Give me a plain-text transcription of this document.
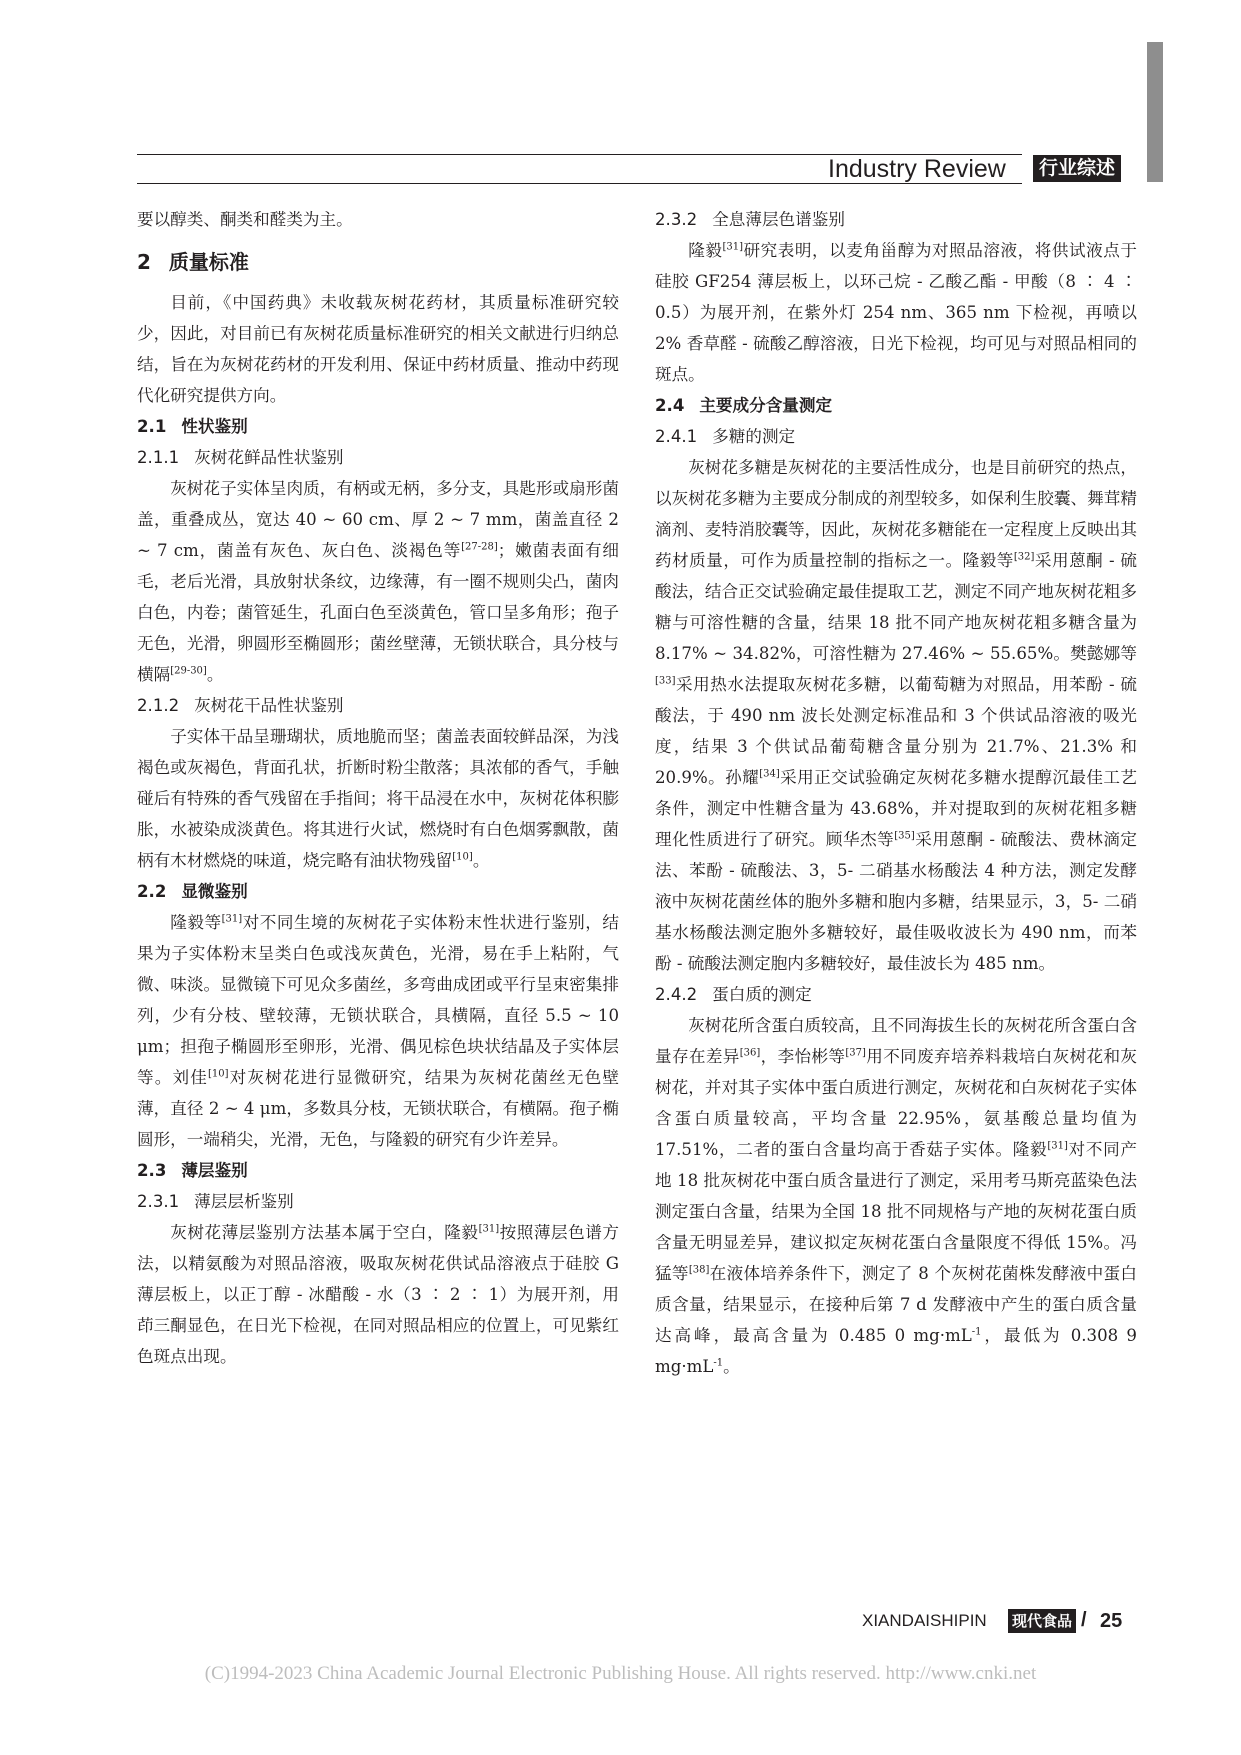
Industry Review	行业综述

要以醇类、酮类和醛类为主。

2 质量标准

目前，《中国药典》未收载灰树花药材，其质量标准研究较少，因此，对目前已有灰树花质量标准研究的相关文献进行归纳总结，旨在为灰树花药材的开发利用、保证中药材质量、推动中药现代化研究提供方向。

2.1 性状鉴别
2.1.1 灰树花鲜品性状鉴别

灰树花子实体呈肉质，有柄或无柄，多分支，具匙形或扇形菌盖，重叠成丛，宽达 40 ~ 60 cm、厚 2 ~ 7 mm，菌盖直径 2 ~ 7 cm，菌盖有灰色、灰白色、淡褐色等[27-28]；嫩菌表面有细毛，老后光滑，具放射状条纹，边缘薄，有一圈不规则尖凸，菌肉白色，内卷；菌管延生，孔面白色至淡黄色，管口呈多角形；孢子无色，光滑，卵圆形至椭圆形；菌丝壁薄，无锁状联合，具分枝与横隔[29-30]。

2.1.2 灰树花干品性状鉴别

子实体干品呈珊瑚状，质地脆而坚；菌盖表面较鲜品深，为浅褐色或灰褐色，背面孔状，折断时粉尘散落；具浓郁的香气，手触碰后有特殊的香气残留在手指间；将干品浸在水中，灰树花体积膨胀，水被染成淡黄色。将其进行火试，燃烧时有白色烟雾飘散，菌柄有木材燃烧的味道，烧完略有油状物残留[10]。

2.2 显微鉴别

隆毅等[31]对不同生境的灰树花子实体粉末性状进行鉴别，结果为子实体粉末呈类白色或浅灰黄色，光滑，易在手上粘附，气微、味淡。显微镜下可见众多菌丝，多弯曲成团或平行呈束密集排列，少有分枝、壁较薄，无锁状联合，具横隔，直径 5.5 ~ 10 μm；担孢子椭圆形至卵形，光滑、偶见棕色块状结晶及子实体层等。刘佳[10]对灰树花进行显微研究，结果为灰树花菌丝无色壁薄，直径 2 ~ 4 μm，多数具分枝，无锁状联合，有横隔。孢子椭圆形，一端稍尖，光滑，无色，与隆毅的研究有少许差异。

2.3 薄层鉴别
2.3.1 薄层层析鉴别

灰树花薄层鉴别方法基本属于空白，隆毅[31]按照薄层色谱方法，以精氨酸为对照品溶液，吸取灰树花供试品溶液点于硅胶 G 薄层板上，以正丁醇 - 冰醋酸 - 水（3 ∶ 2 ∶ 1）为展开剂，用茚三酮显色，在日光下检视，在同对照品相应的位置上，可见紫红色斑点出现。

2.3.2 全息薄层色谱鉴别

隆毅[31]研究表明，以麦角甾醇为对照品溶液，将供试液点于硅胶 GF254 薄层板上，以环己烷 - 乙酸乙酯 - 甲酸（8 ∶ 4 ∶ 0.5）为展开剂，在紫外灯 254 nm、365 nm 下检视，再喷以 2% 香草醛 - 硫酸乙醇溶液，日光下检视，均可见与对照品相同的斑点。

2.4 主要成分含量测定
2.4.1 多糖的测定

灰树花多糖是灰树花的主要活性成分，也是目前研究的热点，以灰树花多糖为主要成分制成的剂型较多，如保利生胶囊、舞茸精滴剂、麦特消胶囊等，因此，灰树花多糖能在一定程度上反映出其药材质量，可作为质量控制的指标之一。隆毅等[32]采用蒽酮 - 硫酸法，结合正交试验确定最佳提取工艺，测定不同产地灰树花粗多糖与可溶性糖的含量，结果 18 批不同产地灰树花粗多糖含量为 8.17% ~ 34.82%，可溶性糖为 27.46% ~ 55.65%。樊懿娜等[33]采用热水法提取灰树花多糖，以葡萄糖为对照品，用苯酚 - 硫酸法，于 490 nm 波长处测定标准品和 3 个供试品溶液的吸光度，结果 3 个供试品葡萄糖含量分别为 21.7%、21.3% 和 20.9%。孙耀[34]采用正交试验确定灰树花多糖水提醇沉最佳工艺条件，测定中性糖含量为 43.68%，并对提取到的灰树花粗多糖理化性质进行了研究。顾华杰等[35]采用蒽酮 - 硫酸法、费林滴定法、苯酚 - 硫酸法、3，5- 二硝基水杨酸法 4 种方法，测定发酵液中灰树花菌丝体的胞外多糖和胞内多糖，结果显示，3，5- 二硝基水杨酸法测定胞外多糖较好，最佳吸收波长为 490 nm，而苯酚 - 硫酸法测定胞内多糖较好，最佳波长为 485 nm。

2.4.2 蛋白质的测定

灰树花所含蛋白质较高，且不同海拔生长的灰树花所含蛋白含量存在差异[36]，李怡彬等[37]用不同废弃培养料栽培白灰树花和灰树花，并对其子实体中蛋白质进行测定，灰树花和白灰树花子实体含蛋白质量较高，平均含量 22.95%，氨基酸总量均值为 17.51%，二者的蛋白含量均高于香菇子实体。隆毅[31]对不同产地 18 批灰树花中蛋白质含量进行了测定，采用考马斯亮蓝染色法测定蛋白含量，结果为全国 18 批不同规格与产地的灰树花蛋白质含量无明显差异，建议拟定灰树花蛋白含量限度不得低 15%。冯猛等[38]在液体培养条件下，测定了 8 个灰树花菌株发酵液中蛋白质含量，结果显示，在接种后第 7 d 发酵液中产生的蛋白质含量达高峰，最高含量为 0.485 0 $mg\cdot mL^{-1}$，最低为 0.308 9 $mg\cdot mL^{-1}$。

XIANDAISHIPIN 现代食品 / 25
(C)1994-2023 China Academic Journal Electronic Publishing House. All rights reserved. http://www.cnki.net
